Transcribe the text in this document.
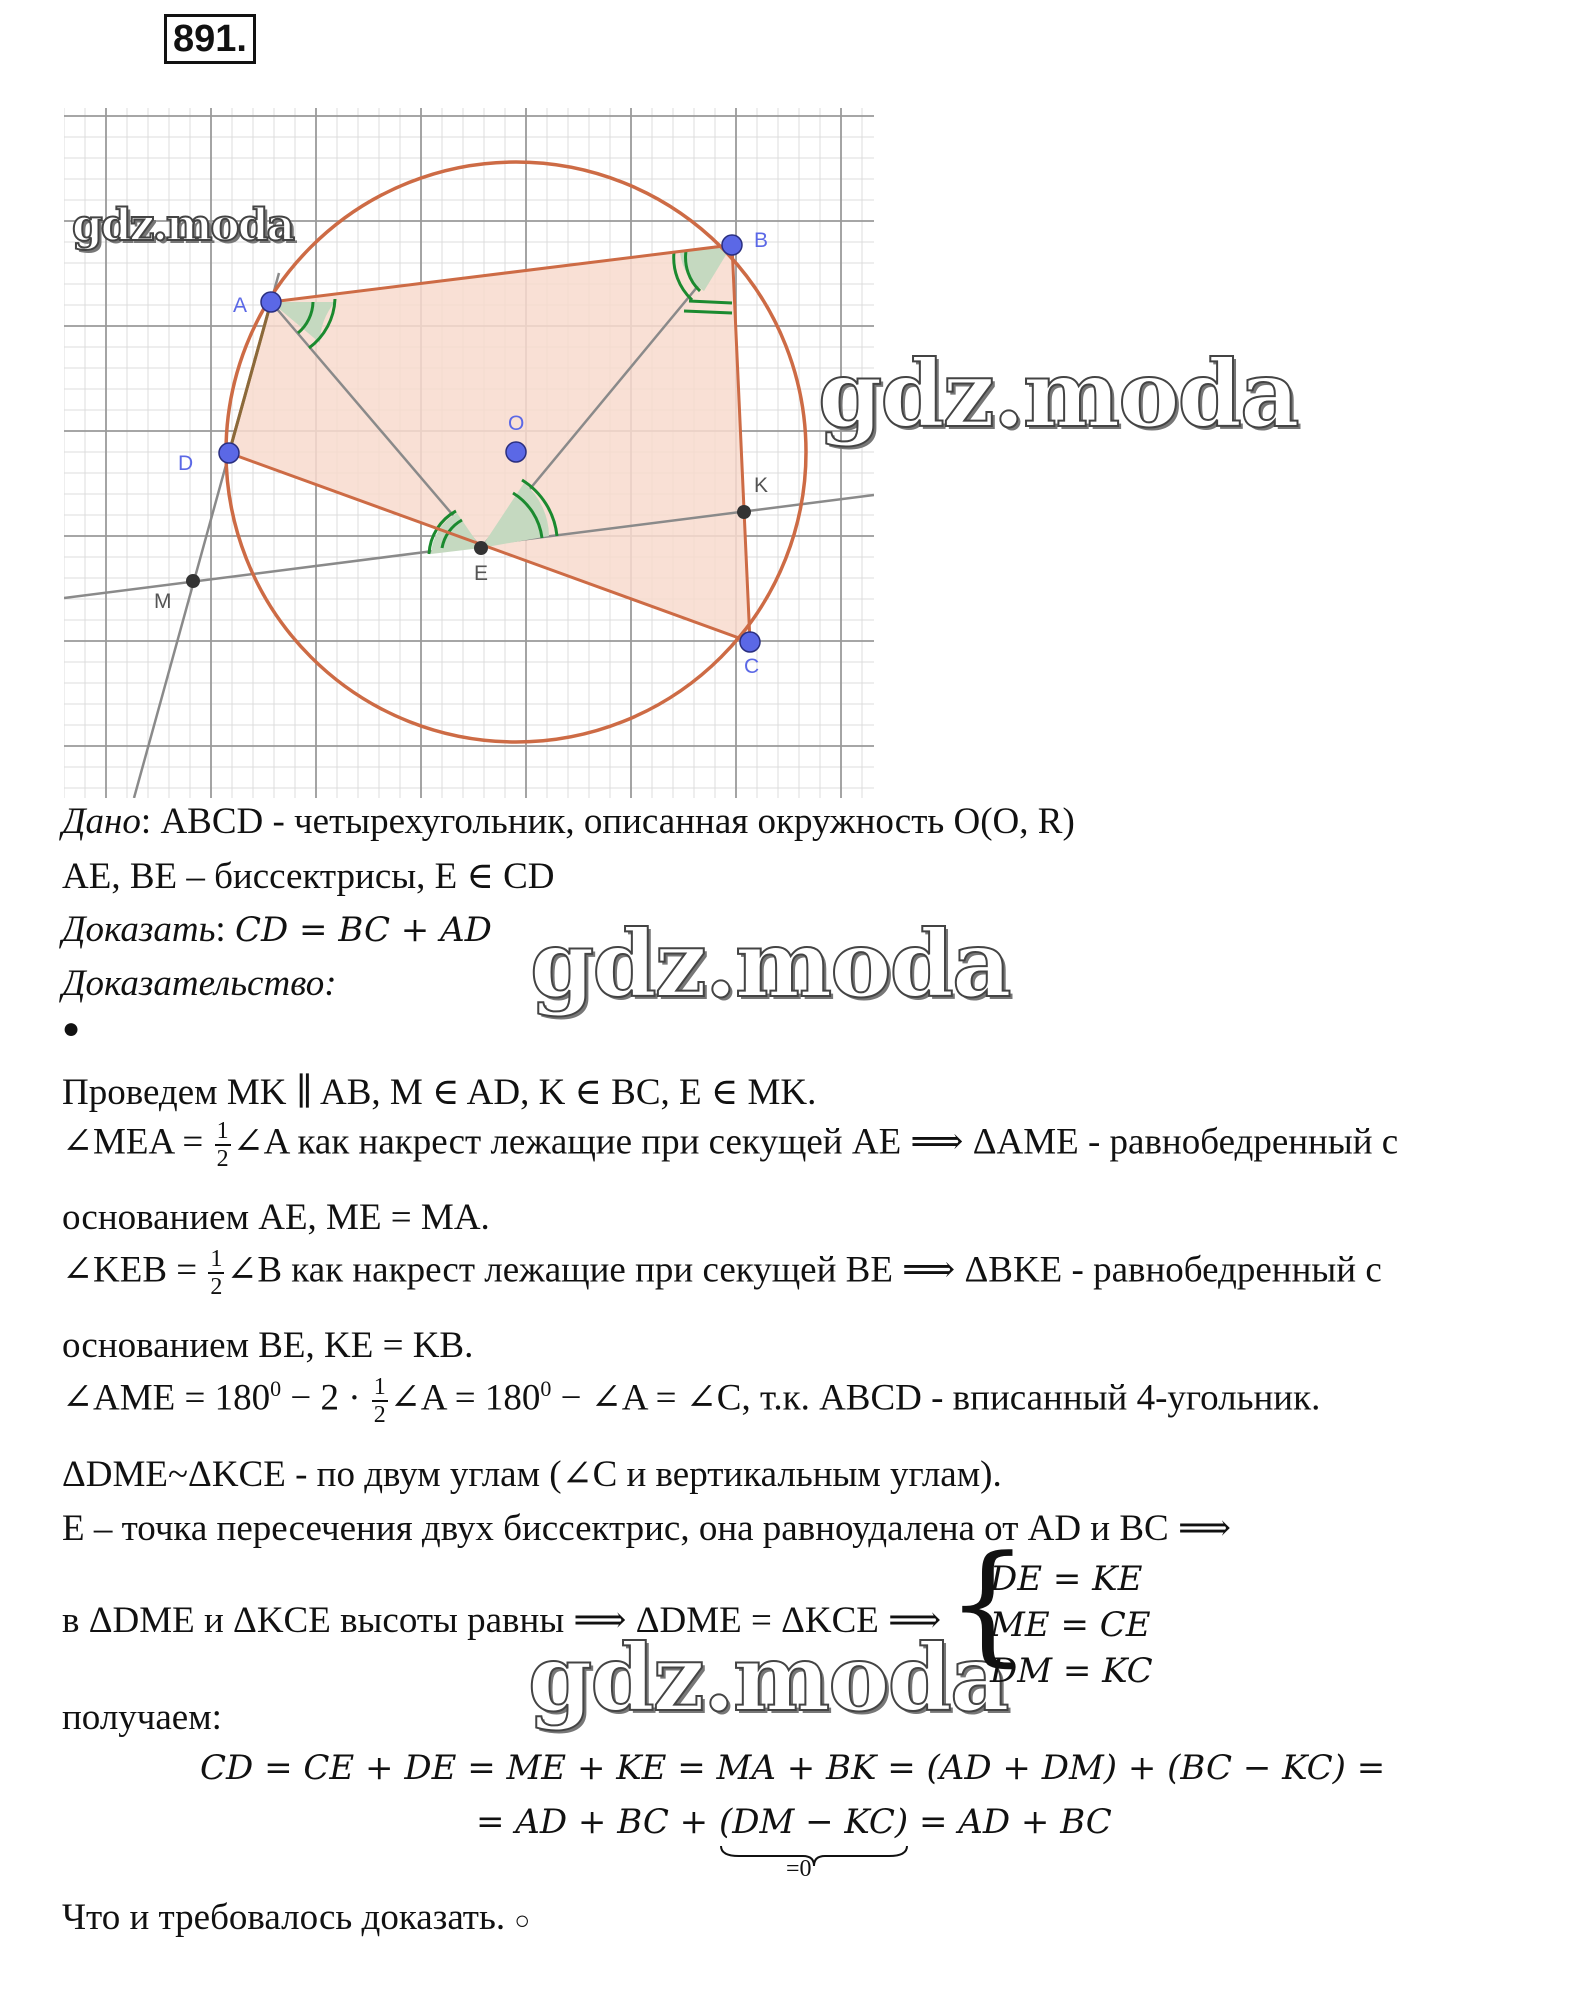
891.
A
B
C
D
O
E
K
M
gdz.moda
gdz.moda
gdz.moda
gdz.moda
Дано: ABCD - четырехугольник, описанная окружность Ο(O, R)
AE, BE – биссектрисы, E ∈ CD
Доказать: CD = BC + AD
Доказательство:
●
Проведем MK ∥ AB, M ∈ AD, K ∈ BC, E ∈ MK.
∠MEA = $\frac{1}{2}$ ∠A как накрест лежащие при секущей AE ⟹ ΔAME - равнобедренный с
основанием AE, ME = MA.
∠KEB = $\frac{1}{2}$ ∠B как накрест лежащие при секущей BE ⟹ ΔBKE - равнобедренный с
основанием BE, KE = KB.
∠AME = $180^0 - 2 \cdot \frac{1}{2}$ ∠A = $180^0$ − ∠A = ∠C, т.к. ABCD - вписанный 4-угольник.
ΔDME~ΔKCE - по двум углам (∠C и вертикальным углам).
E – точка пересечения двух биссектрис, она равноудалена от AD и BC ⟹
в ΔDME и ΔKCE высоты равны ⟹ ΔDME = ΔKCE ⟹ {
DE = KE
ME = CE
DM = KC
получаем:
CD = CE + DE = ME + KE = MA + BK = (AD + DM) + (BC − KC) =
= AD + BC + (DM − KC)
= AD + BC
=0
Что и требовалось доказать. ○
